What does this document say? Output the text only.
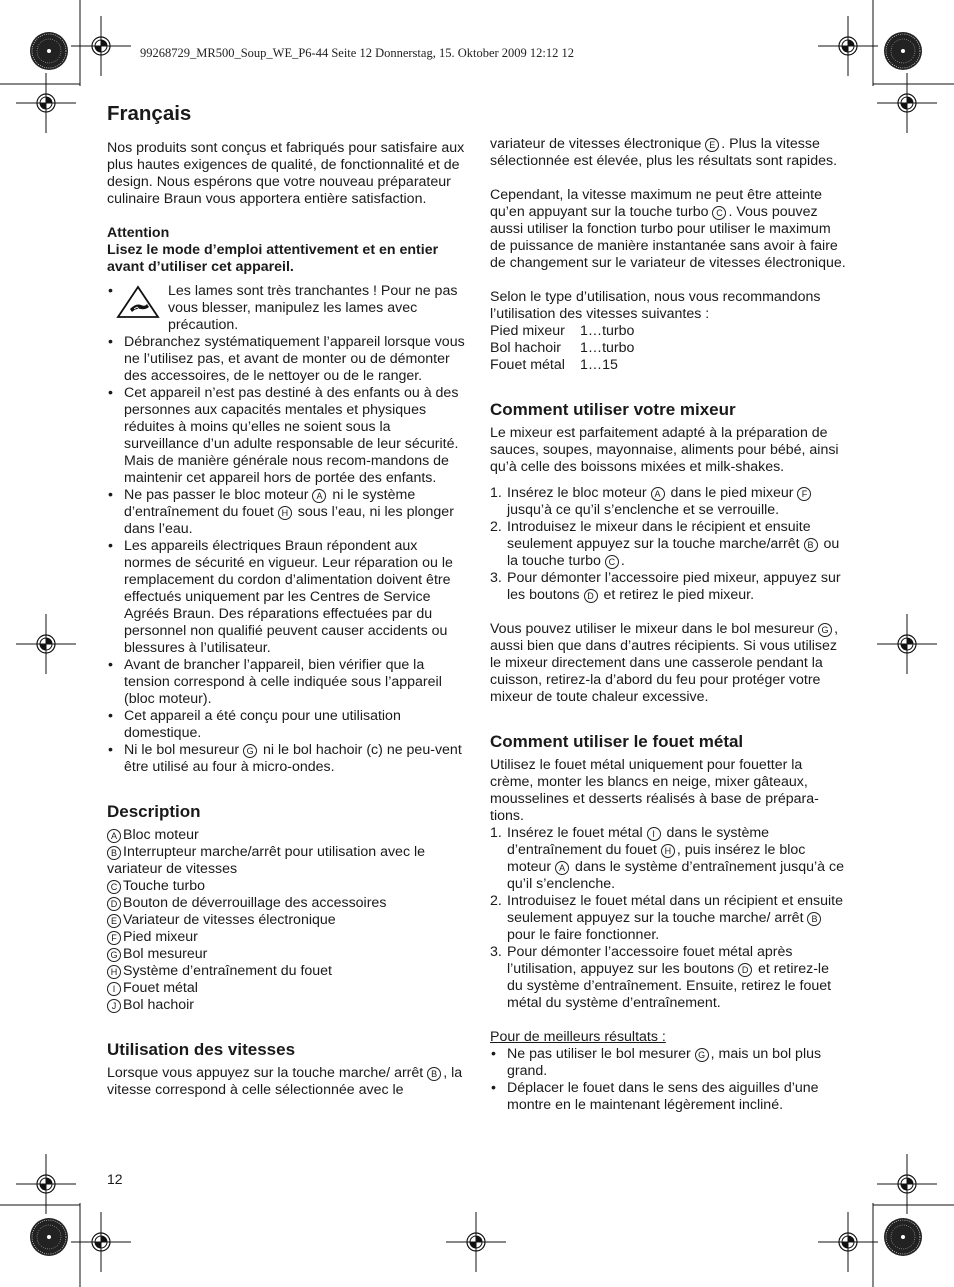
99268729_MR500_Soup_WE_P6-44 Seite 12 Donnerstag, 15. Oktober 2009 12:12 12
Français

Nos produits sont conçus et fabriqués pour satisfaire aux plus hautes exigences de qualité, de fonctionnalité et de design. Nous espérons que votre nouveau préparateur culinaire Braun vous apportera entière satisfaction.

Attention

Lisez le mode d’emploi attentivement et en entier avant d’utiliser cet appareil.

• Les lames sont très tranchantes ! Pour ne pas vous blesser, manipulez les lames avec précaution.
• Débranchez systématiquement l’appareil lorsque vous ne l’utilisez pas, et avant de monter ou de démonter des accessoires, de le nettoyer ou de le ranger.
• Cet appareil n’est pas destiné à des enfants ou à des personnes aux capacités mentales et physiques réduites à moins qu’elles ne soient sous la surveillance d’un adulte responsable de leur sécurité. Mais de manière générale nous recom-mandons de maintenir cet appareil hors de portée des enfants.
• Ne pas passer le bloc moteur A ni le système d’entraînement du fouet H sous l’eau, ni les plonger dans l’eau.
• Les appareils électriques Braun répondent aux normes de sécurité en vigueur. Leur réparation ou le remplacement du cordon d’alimentation doivent être effectués uniquement par les Centres de Service Agréés Braun. Des réparations effectuées par du personnel non qualifié peuvent causer accidents ou blessures à l’utilisateur.
• Avant de brancher l’appareil, bien vérifier que la tension correspond à celle indiquée sous l’appareil (bloc moteur).
• Cet appareil a été conçu pour une utilisation domestique.
• Ni le bol mesureur G ni le bol hachoir (c) ne peu-vent être utilisé au four à micro-ondes.
Description
A Bloc moteur
B Interrupteur marche/arrêt pour utilisation avec le variateur de vitesses
C Touche turbo
D Bouton de déverrouillage des accessoires
E Variateur de vitesses électronique
F Pied mixeur
G Bol mesureur
H Système d’entraînement du fouet
I Fouet métal
J Bol hachoir
Utilisation des vitesses

Lorsque vous appuyez sur la touche marche/ arrêt B , la vitesse correspond à celle sélectionnée avec le

variateur de vitesses électronique E . Plus la vitesse sélectionnée est élevée, plus les résultats sont rapides.

Cependant, la vitesse maximum ne peut être atteinte qu’en appuyant sur la touche turbo C . Vous pouvez aussi utiliser la fonction turbo pour utiliser le maximum de puissance de manière instantanée sans avoir à faire de changement sur le variateur de vitesses électronique.

Selon le type d’utilisation, nous vous recommandons l’utilisation des vitesses suivantes :

Pied mixeur	1…turbo
Bol hachoir	1…turbo
Fouet métal	1…15
Comment utiliser votre mixeur

Le mixeur est parfaitement adapté à la préparation de sauces, soupes, mayonnaise, aliments pour bébé, ainsi qu’à celle des boissons mixées et milk-shakes.

1. Insérez le bloc moteur A dans le pied mixeur F jusqu’à ce qu’il s’enclenche et se verrouille.
2. Introduisez le mixeur dans le récipient et ensuite seulement appuyez sur la touche marche/arrêt B ou la touche turbo C .
3. Pour démonter l’accessoire pied mixeur, appuyez sur les boutons D et retirez le pied mixeur.

Vous pouvez utiliser le mixeur dans le bol mesureur G , aussi bien que dans d’autres récipients. Si vous utilisez le mixeur directement dans une casserole pendant la cuisson, retirez-la d’abord du feu pour protéger votre mixeur de toute chaleur excessive.

Comment utiliser le fouet métal

Utilisez le fouet métal uniquement pour fouetter la crème, monter les blancs en neige, mixer gâteaux, mousselines et desserts réalisés à base de prépara-tions.

1. Insérez le fouet métal I dans le système d’entraînement du fouet H , puis insérez le bloc moteur A dans le système d’entraînement jusqu’à ce qu’il s’enclenche.
2. Introduisez le fouet métal dans un récipient et ensuite seulement appuyez sur la touche marche/ arrêt B pour le faire fonctionner.
3. Pour démonter l’accessoire fouet métal après l’utilisation, appuyez sur les boutons D et retirez-le du système d’entraînement. Ensuite, retirez le fouet métal du système d’entraînement.

Pour de meilleurs résultats :

• Ne pas utiliser le bol mesurer G , mais un bol plus grand.
• Déplacer le fouet dans le sens des aiguilles d’une montre en le maintenant légèrement incliné.
12
